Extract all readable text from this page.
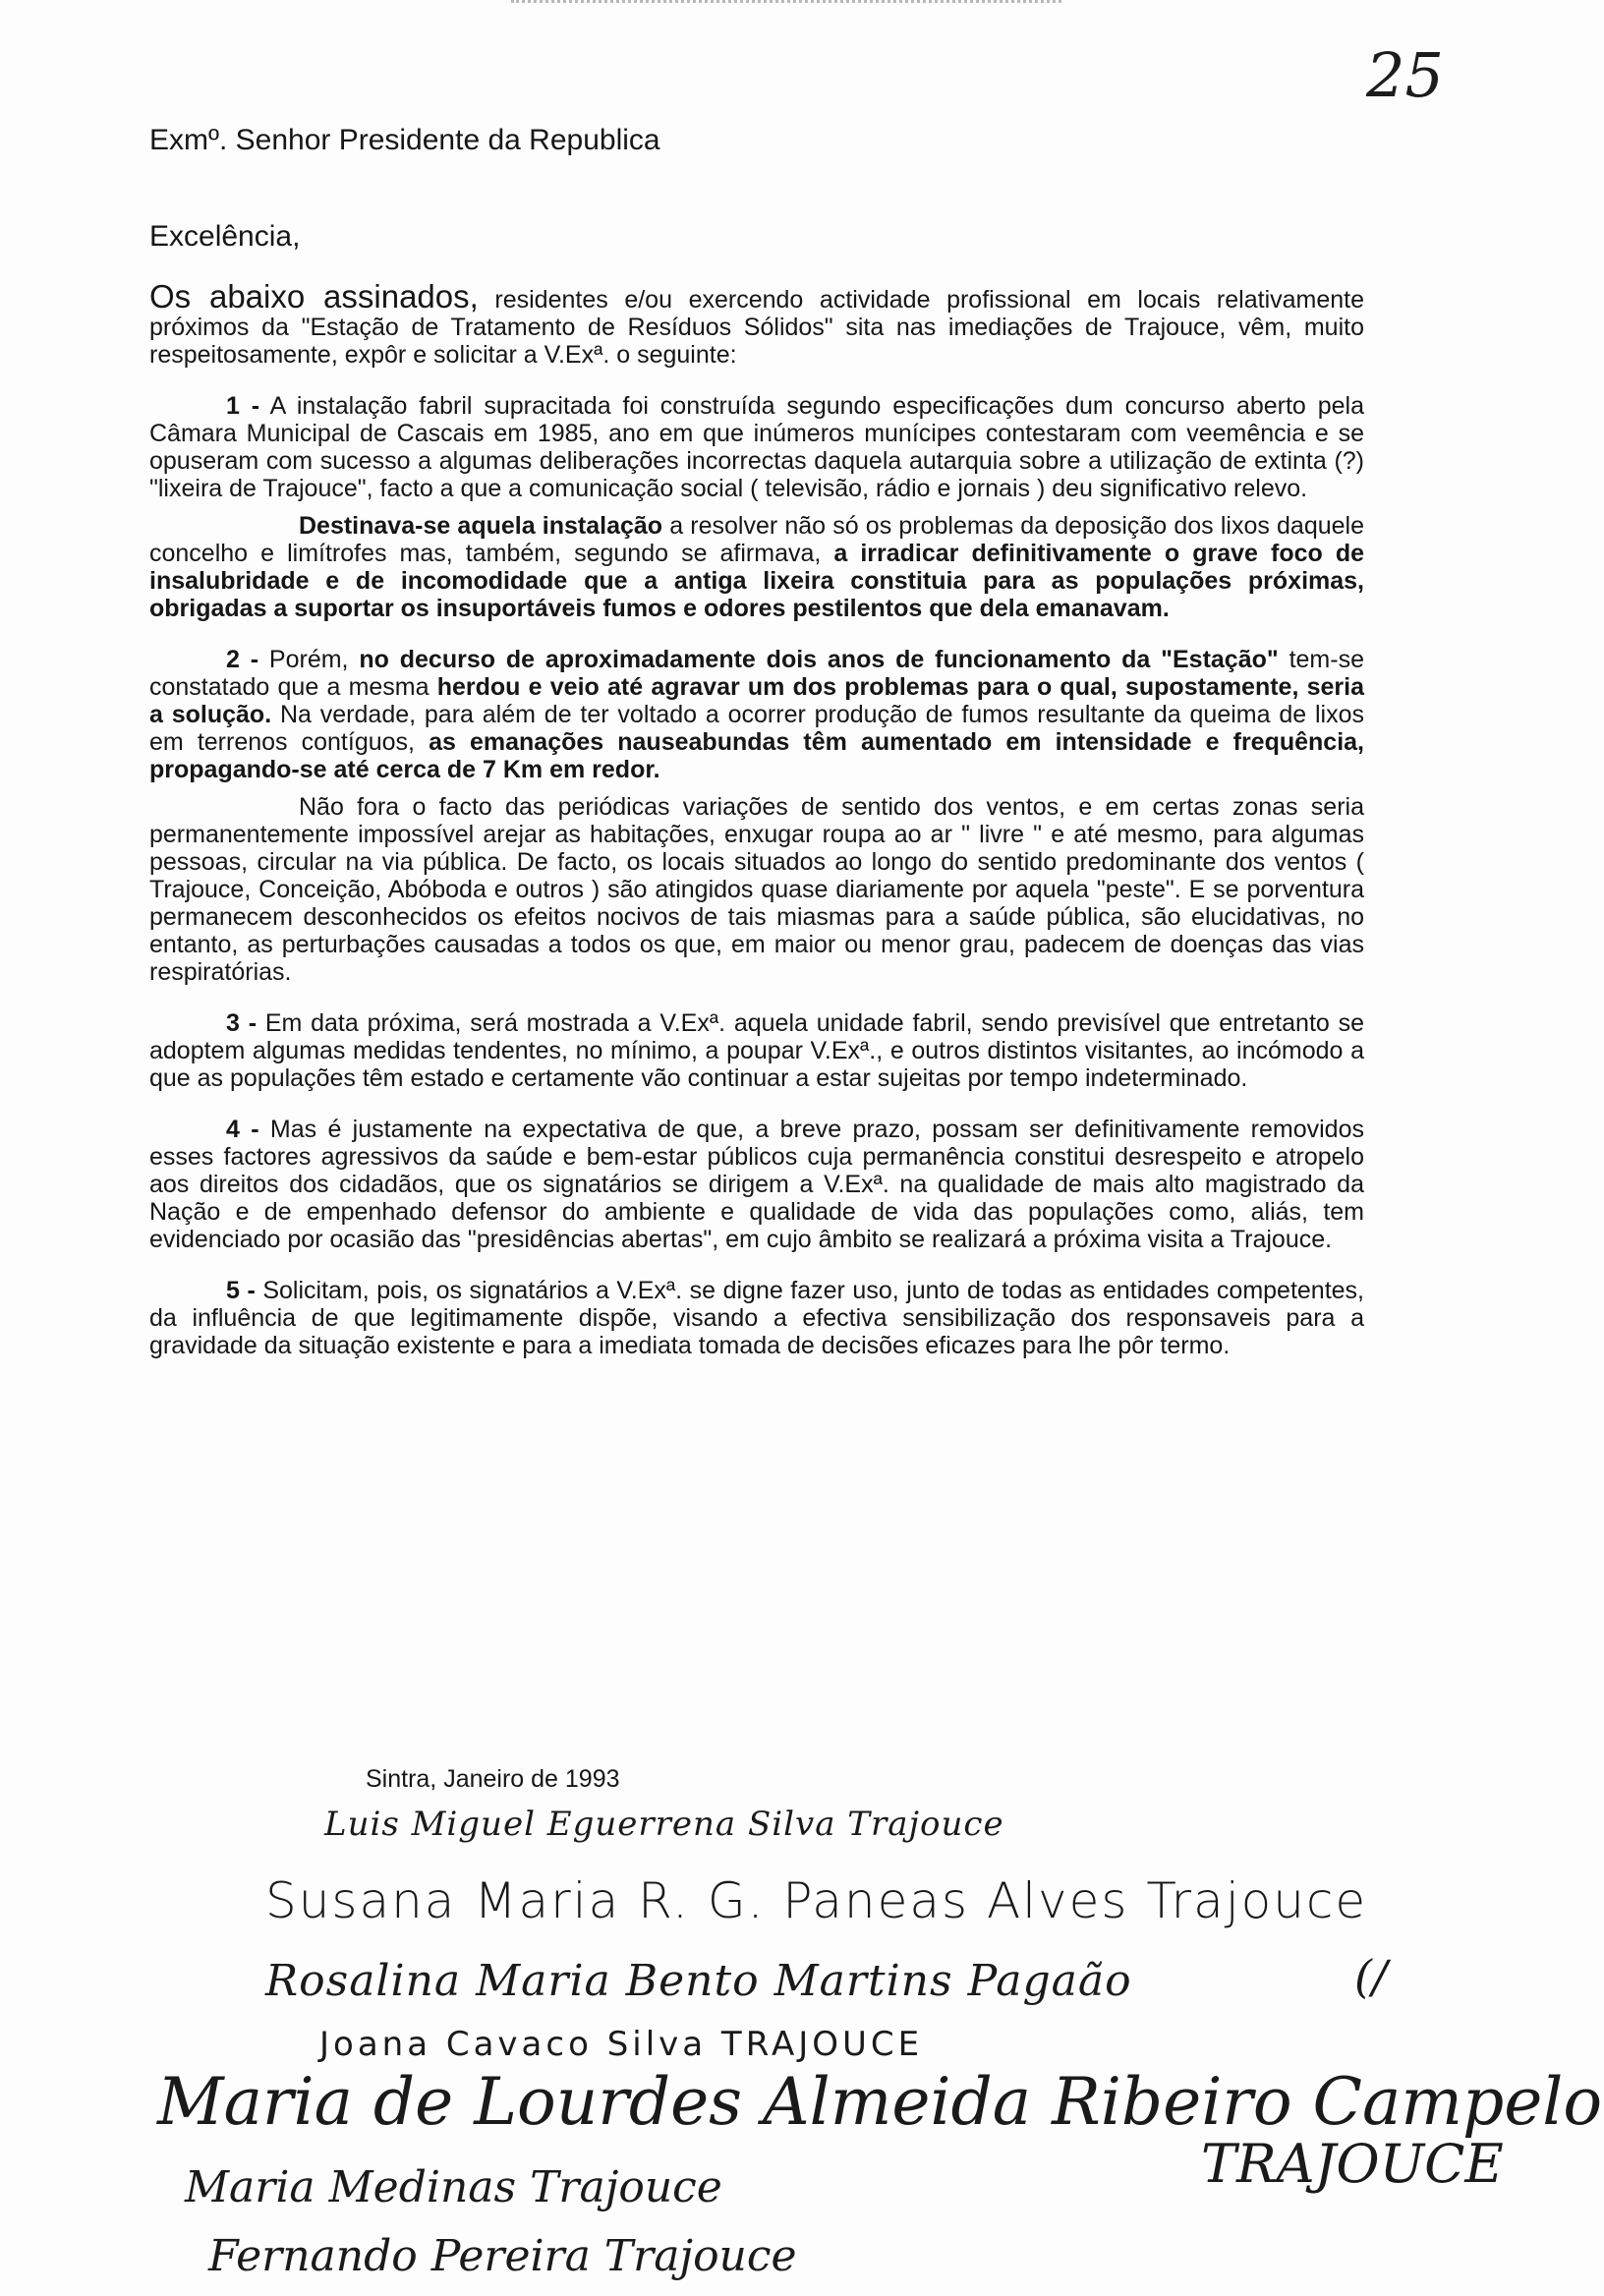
25
Exmº. Senhor Presidente da Republica
Excelência,

Os abaixo assinados, residentes e/ou exercendo actividade profissional em locais relativamente próximos da "Estação de Tratamento de Resíduos Sólidos" sita nas imediações de Trajouce, vêm, muito respeitosamente, expôr e solicitar a V.Exª. o seguinte:

1 - A instalação fabril supracitada foi construída segundo especificações dum concurso aberto pela Câmara Municipal de Cascais em 1985, ano em que inúmeros munícipes contestaram com veemência e se opuseram com sucesso a algumas deliberações incorrectas daquela autarquia sobre a utilização de extinta (?) "lixeira de Trajouce", facto a que a comunicação social ( televisão, rádio e jornais ) deu significativo relevo.

Destinava-se aquela instalação a resolver não só os problemas da deposição dos lixos daquele concelho e limítrofes mas, também, segundo se afirmava, a irradicar definitivamente o grave foco de insalubridade e de incomodidade que a antiga lixeira constituia para as populações próximas, obrigadas a suportar os insuportáveis fumos e odores pestilentos que dela emanavam.

2 - Porém, no decurso de aproximadamente dois anos de funcionamento da "Estação" tem-se constatado que a mesma herdou e veio até agravar um dos problemas para o qual, supostamente, seria a solução. Na verdade, para além de ter voltado a ocorrer produção de fumos resultante da queima de lixos em terrenos contíguos, as emanações nauseabundas têm aumentado em intensidade e frequência, propagando-se até cerca de 7 Km em redor.

Não fora o facto das periódicas variações de sentido dos ventos, e em certas zonas seria permanentemente impossível arejar as habitações, enxugar roupa ao ar " livre " e até mesmo, para algumas pessoas, circular na via pública. De facto, os locais situados ao longo do sentido predominante dos ventos ( Trajouce, Conceição, Abóboda e outros ) são atingidos quase diariamente por aquela "peste". E se porventura permanecem desconhecidos os efeitos nocivos de tais miasmas para a saúde pública, são elucidativas, no entanto, as perturbações causadas a todos os que, em maior ou menor grau, padecem de doenças das vias respiratórias.

3 - Em data próxima, será mostrada a V.Exª. aquela unidade fabril, sendo previsível que entretanto se adoptem algumas medidas tendentes, no mínimo, a poupar V.Exª., e outros distintos visitantes, ao incómodo a que as populações têm estado e certamente vão continuar a estar sujeitas por tempo indeterminado.

4 - Mas é justamente na expectativa de que, a breve prazo, possam ser definitivamente removidos esses factores agressivos da saúde e bem-estar públicos cuja permanência constitui desrespeito e atropelo aos direitos dos cidadãos, que os signatários se dirigem a V.Exª. na qualidade de mais alto magistrado da Nação e de empenhado defensor do ambiente e qualidade de vida das populações como, aliás, tem evidenciado por ocasião das "presidências abertas", em cujo âmbito se realizará a próxima visita a Trajouce.

5 - Solicitam, pois, os signatários a V.Exª. se digne fazer uso, junto de todas as entidades competentes, da influência de que legitimamente dispõe, visando a efectiva sensibilização dos responsaveis para a gravidade da situação existente e para a imediata tomada de decisões eficazes para lhe pôr termo.

Sintra, Janeiro de 1993
Luis Miguel Eguerrena Silva Trajouce
Susana Maria R. G. Paneas Alves Trajouce
Rosalina Maria Bento Martins Pagaão	(/
Joana Cavaco Silva TRAJOUCE
Maria de Lourdes Almeida Ribeiro Campelo
TRAJOUCE
Maria Medinas Trajouce
Fernando Pereira Trajouce
